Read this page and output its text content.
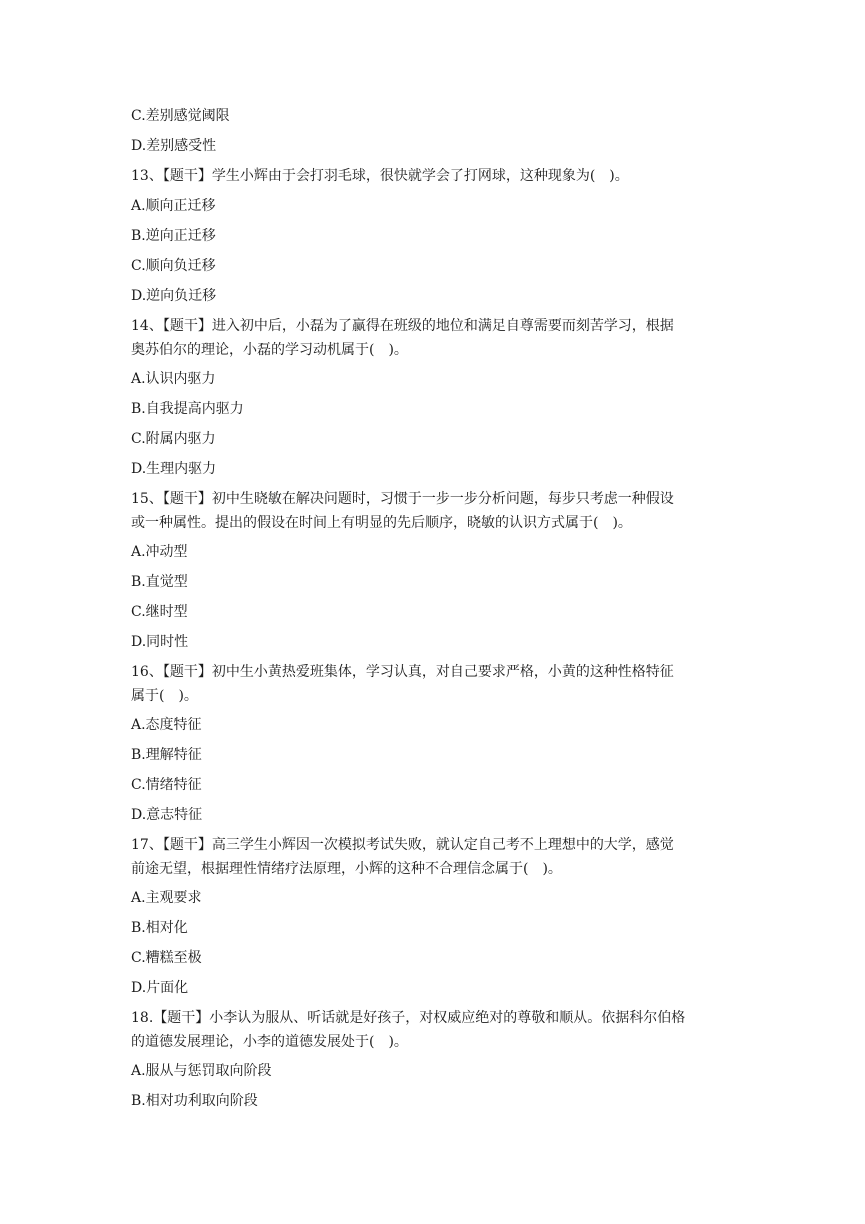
C.差别感觉阈限
D.差别感受性
13、【题干】学生小辉由于会打羽毛球，很快就学会了打网球，这种现象为(　)。
A.顺向正迁移
B.逆向正迁移
C.顺向负迁移
D.逆向负迁移
14、【题干】进入初中后，小磊为了赢得在班级的地位和满足自尊需要而刻苦学习，根据
奥苏伯尔的理论，小磊的学习动机属于(　)。
A.认识内驱力
B.自我提高内驱力
C.附属内驱力
D.生理内驱力
15、【题干】初中生晓敏在解决问题时，习惯于一步一步分析问题，每步只考虑一种假设
或一种属性。提出的假设在时间上有明显的先后顺序，晓敏的认识方式属于(　)。
A.冲动型
B.直觉型
C.继时型
D.同时性
16、【题干】初中生小黄热爱班集体，学习认真，对自己要求严格，小黄的这种性格特征
属于(　)。
A.态度特征
B.理解特征
C.情绪特征
D.意志特征
17、【题干】高三学生小辉因一次模拟考试失败，就认定自己考不上理想中的大学，感觉
前途无望，根据理性情绪疗法原理，小辉的这种不合理信念属于(　)。
A.主观要求
B.相对化
C.糟糕至极
D.片面化
18.【题干】小李认为服从、听话就是好孩子，对权威应绝对的尊敬和顺从。依据科尔伯格
的道德发展理论，小李的道德发展处于(　)。
A.服从与惩罚取向阶段
B.相对功利取向阶段
